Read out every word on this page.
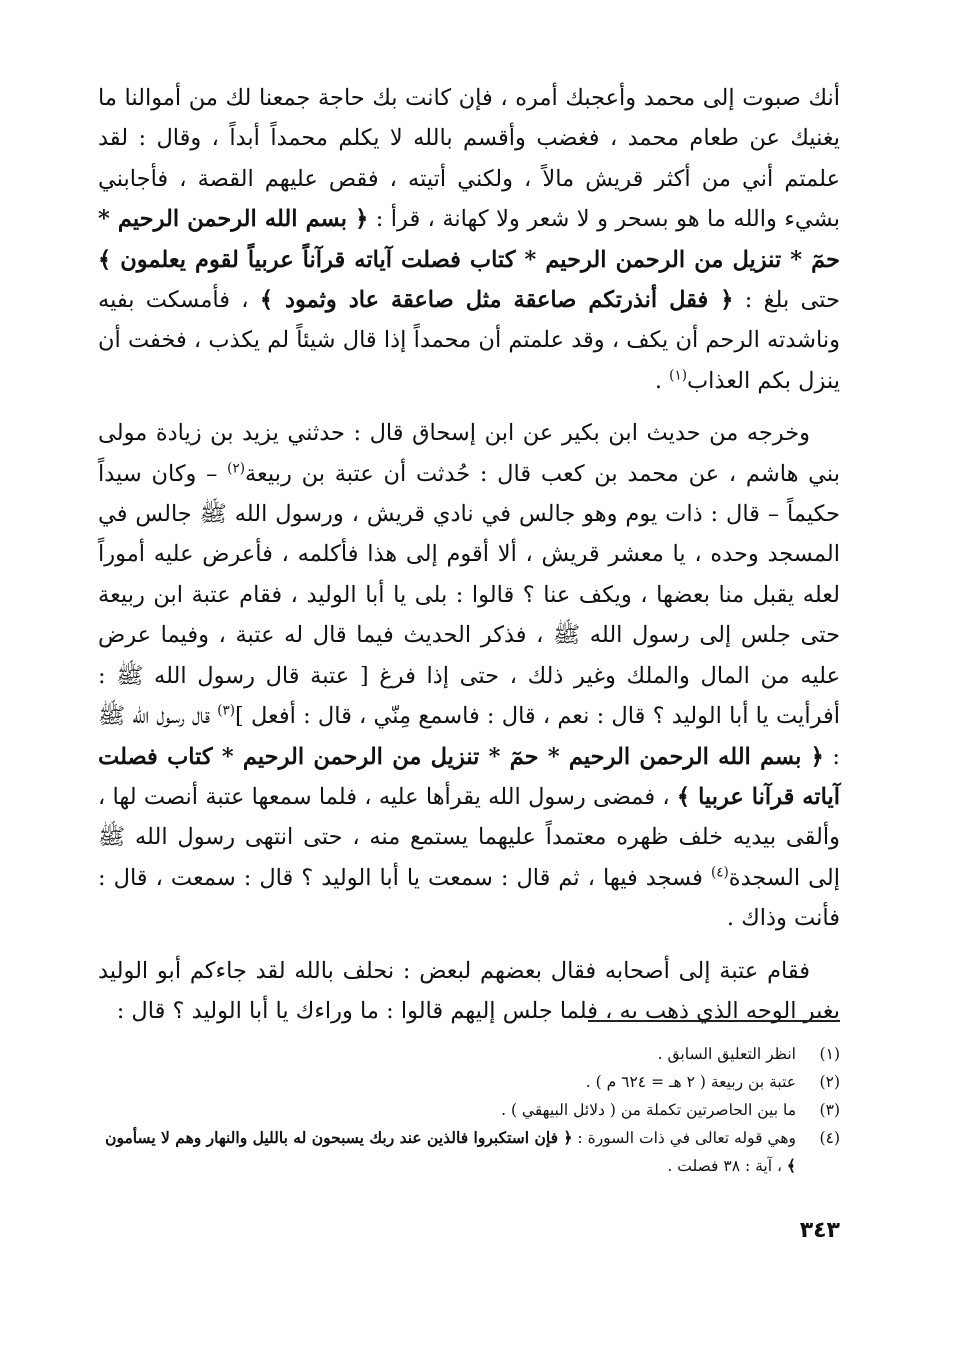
أنك صبوت إلى محمد وأعجبك أمره ، فإن كانت بك حاجة جمعنا لك من أموالنا ما يغنيك عن طعام محمد ، فغضب وأقسم بالله لا يكلم محمداً أبداً ، وقال : لقد علمتم أني من أكثر قريش مالاً ، ولكني أتيته ، فقص عليهم القصة ، فأجابني بشيء والله ما هو بسحر و لا شعر ولا كهانة ، قرأ : ﴿ بسم الله الرحمن الرحيم * حمٓ * تنزيل من الرحمن الرحيم * كتاب فصلت آياته قرآناً عربياً لقوم يعلمون ﴾ حتى بلغ : ﴿ فقل أنذرتكم صاعقة مثل صاعقة عاد وثمود ﴾ ، فأمسكت بفيه وناشدته الرحم أن يكف ، وقد علمتم أن محمداً إذا قال شيئاً لم يكذب ، فخفت أن ينزل بكم العذاب$^{(١)}$ .

وخرجه من حديث ابن بكير عن ابن إسحاق قال : حدثني يزيد بن زيادة مولى بني هاشم ، عن محمد بن كعب قال : حُدثت أن عتبة بن ربيعة$^{(٢)}$ – وكان سيداً حكيماً – قال : ذات يوم وهو جالس في نادي قريش ، ورسول الله ﷺ جالس في المسجد وحده ، يا معشر قريش ، ألا أقوم إلى هذا فأكلمه ، فأعرض عليه أموراً لعله يقبل منا بعضها ، ويكف عنا ؟ قالوا : بلى يا أبا الوليد ، فقام عتبة ابن ربيعة حتى جلس إلى رسول الله ﷺ ، فذكر الحديث فيما قال له عتبة ، وفيما عرض عليه من المال والملك وغير ذلك ، حتى إذا فرغ [ عتبة قال رسول الله ﷺ : أفرأيت يا أبا الوليد ؟ قال : نعم ، قال : فاسمع مِنّي ، قال : أفعل ]$^{(٣)}$ قال رسول الله ﷺ : ﴿ بسم الله الرحمن الرحيم * حمٓ * تنزيل من الرحمن الرحيم * كتاب فصلت آياته قرآنا عربيا ﴾ ، فمضى رسول الله يقرأها عليه ، فلما سمعها عتبة أنصت لها ، وألقى بيديه خلف ظهره معتمداً عليهما يستمع منه ، حتى انتهى رسول الله ﷺ إلى السجدة$^{(٤)}$ فسجد فيها ، ثم قال : سمعت يا أبا الوليد ؟ قال : سمعت ، قال : فأنت وذاك .

فقام عتبة إلى أصحابه فقال بعضهم لبعض : نحلف بالله لقد جاءكم أبو الوليد بغير الوجه الذي ذهب به ، فلما جلس إليهم قالوا : ما وراءك يا أبا الوليد ؟ قال :

(١)
انظر التعليق السابق .
(٢)
عتبة بن ربيعة ( ٢ هـ = ٦٢٤ م ) .
(٣)
ما بين الحاصرتين تكملة من ( دلائل البيهقي ) .
(٤)
وهي قوله تعالى في ذات السورة : ﴿ فإن استكبروا فالذين عند ربك يسبحون له بالليل والنهار وهم لا يسأمون ﴾ ، آية : ٣٨ فصلت .
٣٤٣
